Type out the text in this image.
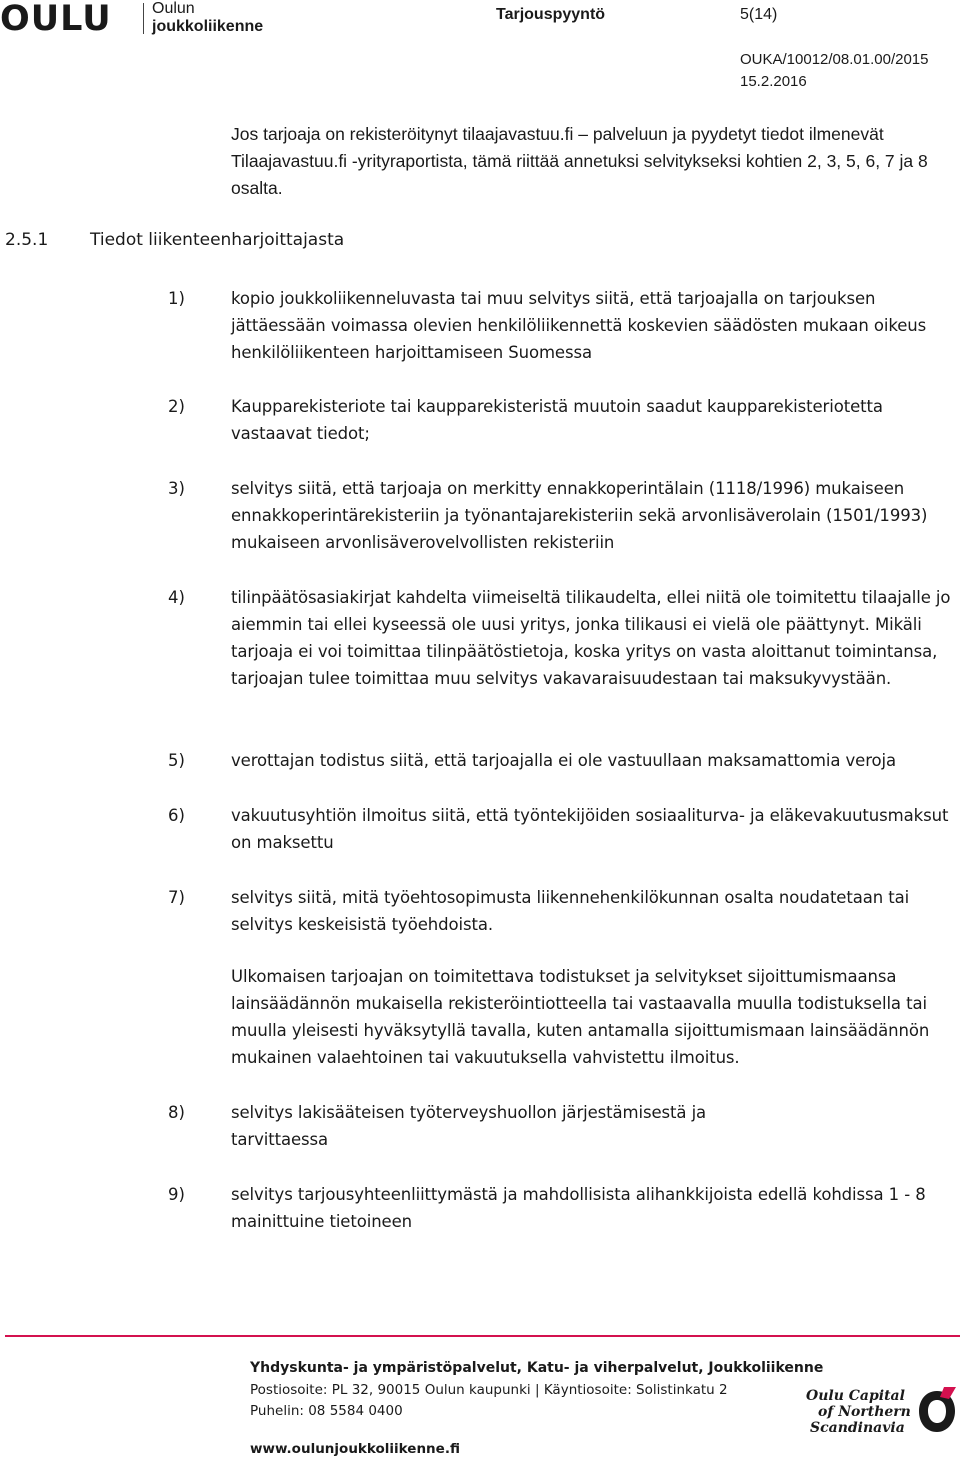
OULU	Oulun
joukkoliikenne
Tarjouspyyntö	5(14)
OUKA/10012/08.01.00/2015
15.2.2016
Jos tarjoaja on rekisteröitynyt tilaajavastuu.fi – palveluun ja pyydetyt tiedot ilmenevät Tilaajavastuu.fi -yrityraportista, tämä riittää annetuksi selvitykseksi kohtien 2, 3, 5, 6, 7 ja 8 osalta.
2.5.1 Tiedot liikenteenharjoittajasta
1)	kopio joukkoliikenneluvasta tai muu selvitys siitä, että tarjoajalla on tarjouksen jättäessään voimassa olevien henkilöliikennettä koskevien säädösten mukaan oikeus henkilöliikenteen harjoittamiseen Suomessa
2)	Kaupparekisteriote tai kaupparekisteristä muutoin saadut kaupparekisteriotetta vastaavat tiedot;
3)	selvitys siitä, että tarjoaja on merkitty ennakkoperintälain (1118/1996) mukaiseen ennakkoperintärekisteriin ja työnantajarekisteriin sekä arvonlisäverolain (1501/1993) mukaiseen arvonlisäverovelvollisten rekisteriin
4)	tilinpäätösasiakirjat kahdelta viimeiseltä tilikaudelta, ellei niitä ole toimitettu tilaajalle jo aiemmin tai ellei kyseessä ole uusi yritys, jonka tilikausi ei vielä ole päättynyt. Mikäli tarjoaja ei voi toimittaa tilinpäätöstietoja, koska yritys on vasta aloittanut toimintansa, tarjoajan tulee toimittaa muu selvitys vakavaraisuudestaan tai maksukyvystään.
5)	verottajan todistus siitä, että tarjoajalla ei ole vastuullaan maksamattomia veroja
6)	vakuutusyhtiön ilmoitus siitä, että työntekijöiden sosiaaliturva- ja eläkevakuutusmaksut on maksettu
7)	selvitys siitä, mitä työehtosopimusta liikennehenkilökunnan osalta noudatetaan tai selvitys keskeisistä työehdoista.
Ulkomaisen tarjoajan on toimitettava todistukset ja selvitykset sijoittumismaansa lainsäädännön mukaisella rekisteröintiotteella tai vastaavalla muulla todistuksella tai muulla yleisesti hyväksytyllä tavalla, kuten antamalla sijoittumismaan lainsäädännön mukainen valaehtoinen tai vakuutuksella vahvistettu ilmoitus.
8)	selvitys lakisääteisen työterveyshuollon järjestämisestä ja tarvittaessa
9)	selvitys tarjousyhteenliittymästä ja mahdollisista alihankkijoista edellä kohdissa 1 - 8 mainittuine tietoineen
Yhdyskunta- ja ympäristöpalvelut, Katu- ja viherpalvelut, Joukkoliikenne
Postiosoite: PL 32, 90015 Oulun kaupunki | Käyntiosoite: Solistinkatu 2
Puhelin: 08 5584 0400
www.oulunjoukkoliikenne.fi
Oulu Capital
of Northern
Scandinavia
